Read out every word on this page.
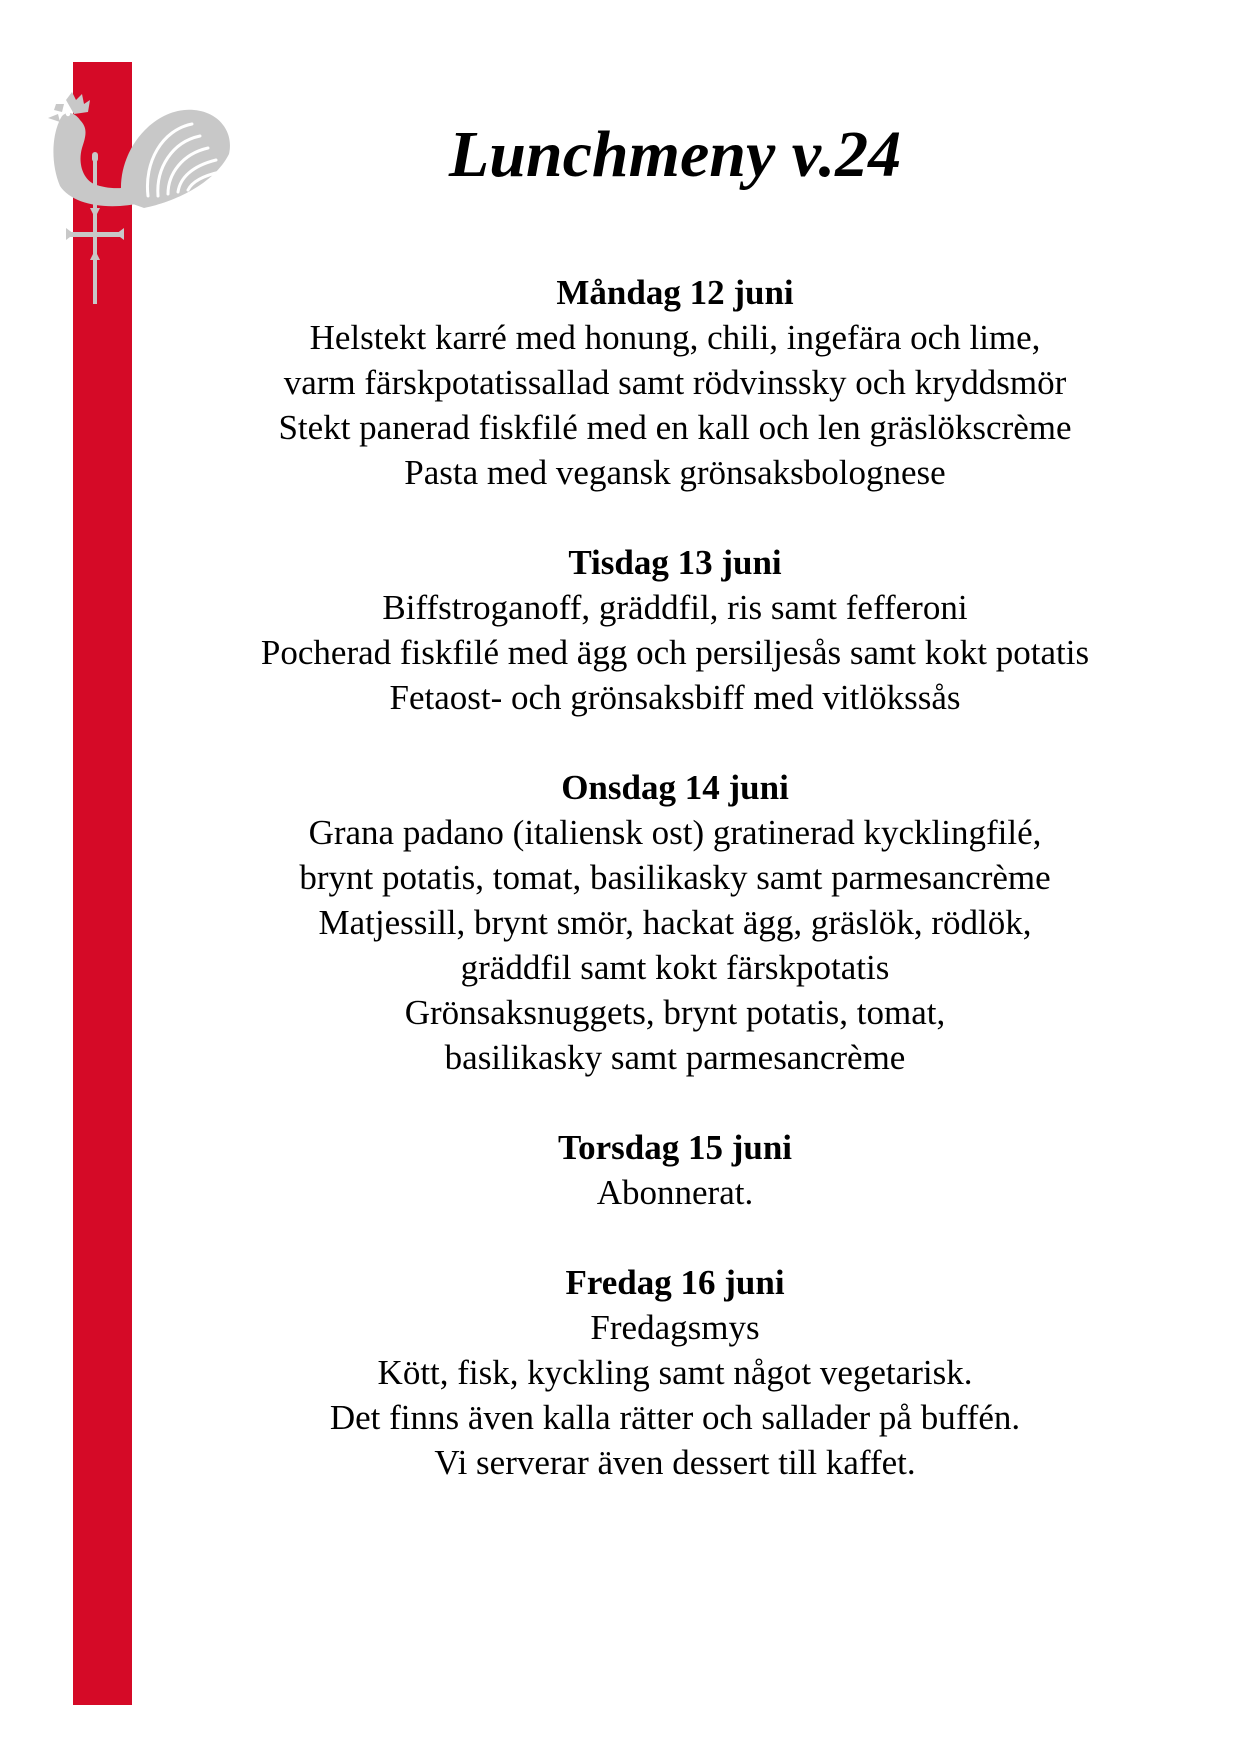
Lunchmeny v.24
Måndag 12 juni
Helstekt karré med honung, chili, ingefära och lime,
varm färskpotatissallad samt rödvinssky och kryddsmör
Stekt panerad fiskfilé med en kall och len gräslökscrème
Pasta med vegansk grönsaksbolognese
Tisdag 13 juni
Biffstroganoff, gräddfil, ris samt fefferoni
Pocherad fiskfilé med ägg och persiljesås samt kokt potatis
Fetaost- och grönsaksbiff med vitlökssås
Onsdag 14 juni
Grana padano (italiensk ost) gratinerad kycklingfilé,
brynt potatis, tomat, basilikasky samt parmesancrème
Matjessill, brynt smör, hackat ägg, gräslök, rödlök,
gräddfil samt kokt färskpotatis
Grönsaksnuggets, brynt potatis, tomat,
basilikasky samt parmesancrème
Torsdag 15 juni
Abonnerat.
Fredag 16 juni
Fredagsmys
Kött, fisk, kyckling samt något vegetarisk.
Det finns även kalla rätter och sallader på buffén.
Vi serverar även dessert till kaffet.
